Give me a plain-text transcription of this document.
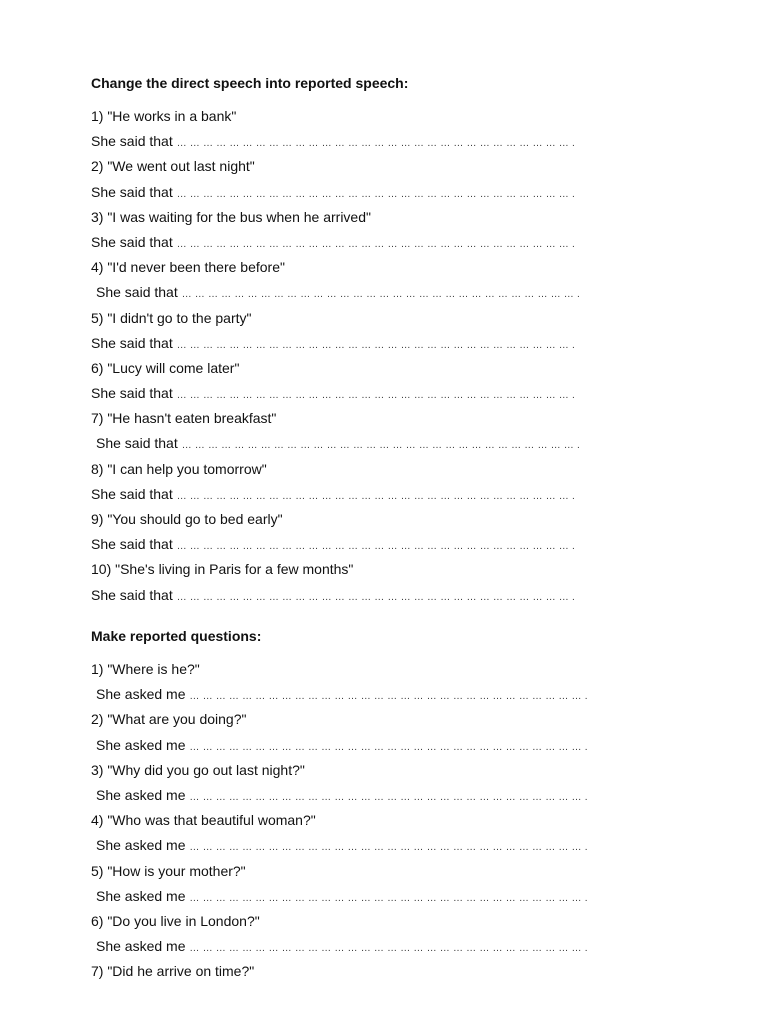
Change the direct speech into reported speech:
1) "He works in a bank"
She said that … … … … … … … … … … … … … … … … … … … … … … … … … … … … … … .
2) "We went out last night"
She said that … … … … … … … … … … … … … … … … … … … … … … … … … … … … … … .
3) "I was waiting for the bus when he arrived"
She said that … … … … … … … … … … … … … … … … … … … … … … … … … … … … … … .
4) "I'd never been there before"
She said that … … … … … … … … … … … … … … … … … … … … … … … … … … … … … … .
5) "I didn't go to the party"
She said that … … … … … … … … … … … … … … … … … … … … … … … … … … … … … … .
6) "Lucy will come later"
She said that … … … … … … … … … … … … … … … … … … … … … … … … … … … … … … .
7) "He hasn't eaten breakfast"
She said that … … … … … … … … … … … … … … … … … … … … … … … … … … … … … … .
8) "I can help you tomorrow"
She said that … … … … … … … … … … … … … … … … … … … … … … … … … … … … … … .
9) "You should go to bed early"
She said that … … … … … … … … … … … … … … … … … … … … … … … … … … … … … … .
10) "She's living in Paris for a few months"
She said that … … … … … … … … … … … … … … … … … … … … … … … … … … … … … … .
Make reported questions:
1) "Where is he?"
She asked me … … … … … … … … … … … … … … … … … … … … … … … … … … … … … … .
2) "What are you doing?"
She asked me … … … … … … … … … … … … … … … … … … … … … … … … … … … … … … .
3) "Why did you go out last night?"
She asked me … … … … … … … … … … … … … … … … … … … … … … … … … … … … … … .
4) "Who was that beautiful woman?"
She asked me … … … … … … … … … … … … … … … … … … … … … … … … … … … … … … .
5) "How is your mother?"
She asked me … … … … … … … … … … … … … … … … … … … … … … … … … … … … … … .
6) "Do you live in London?"
She asked me … … … … … … … … … … … … … … … … … … … … … … … … … … … … … … .
7) "Did he arrive on time?"
